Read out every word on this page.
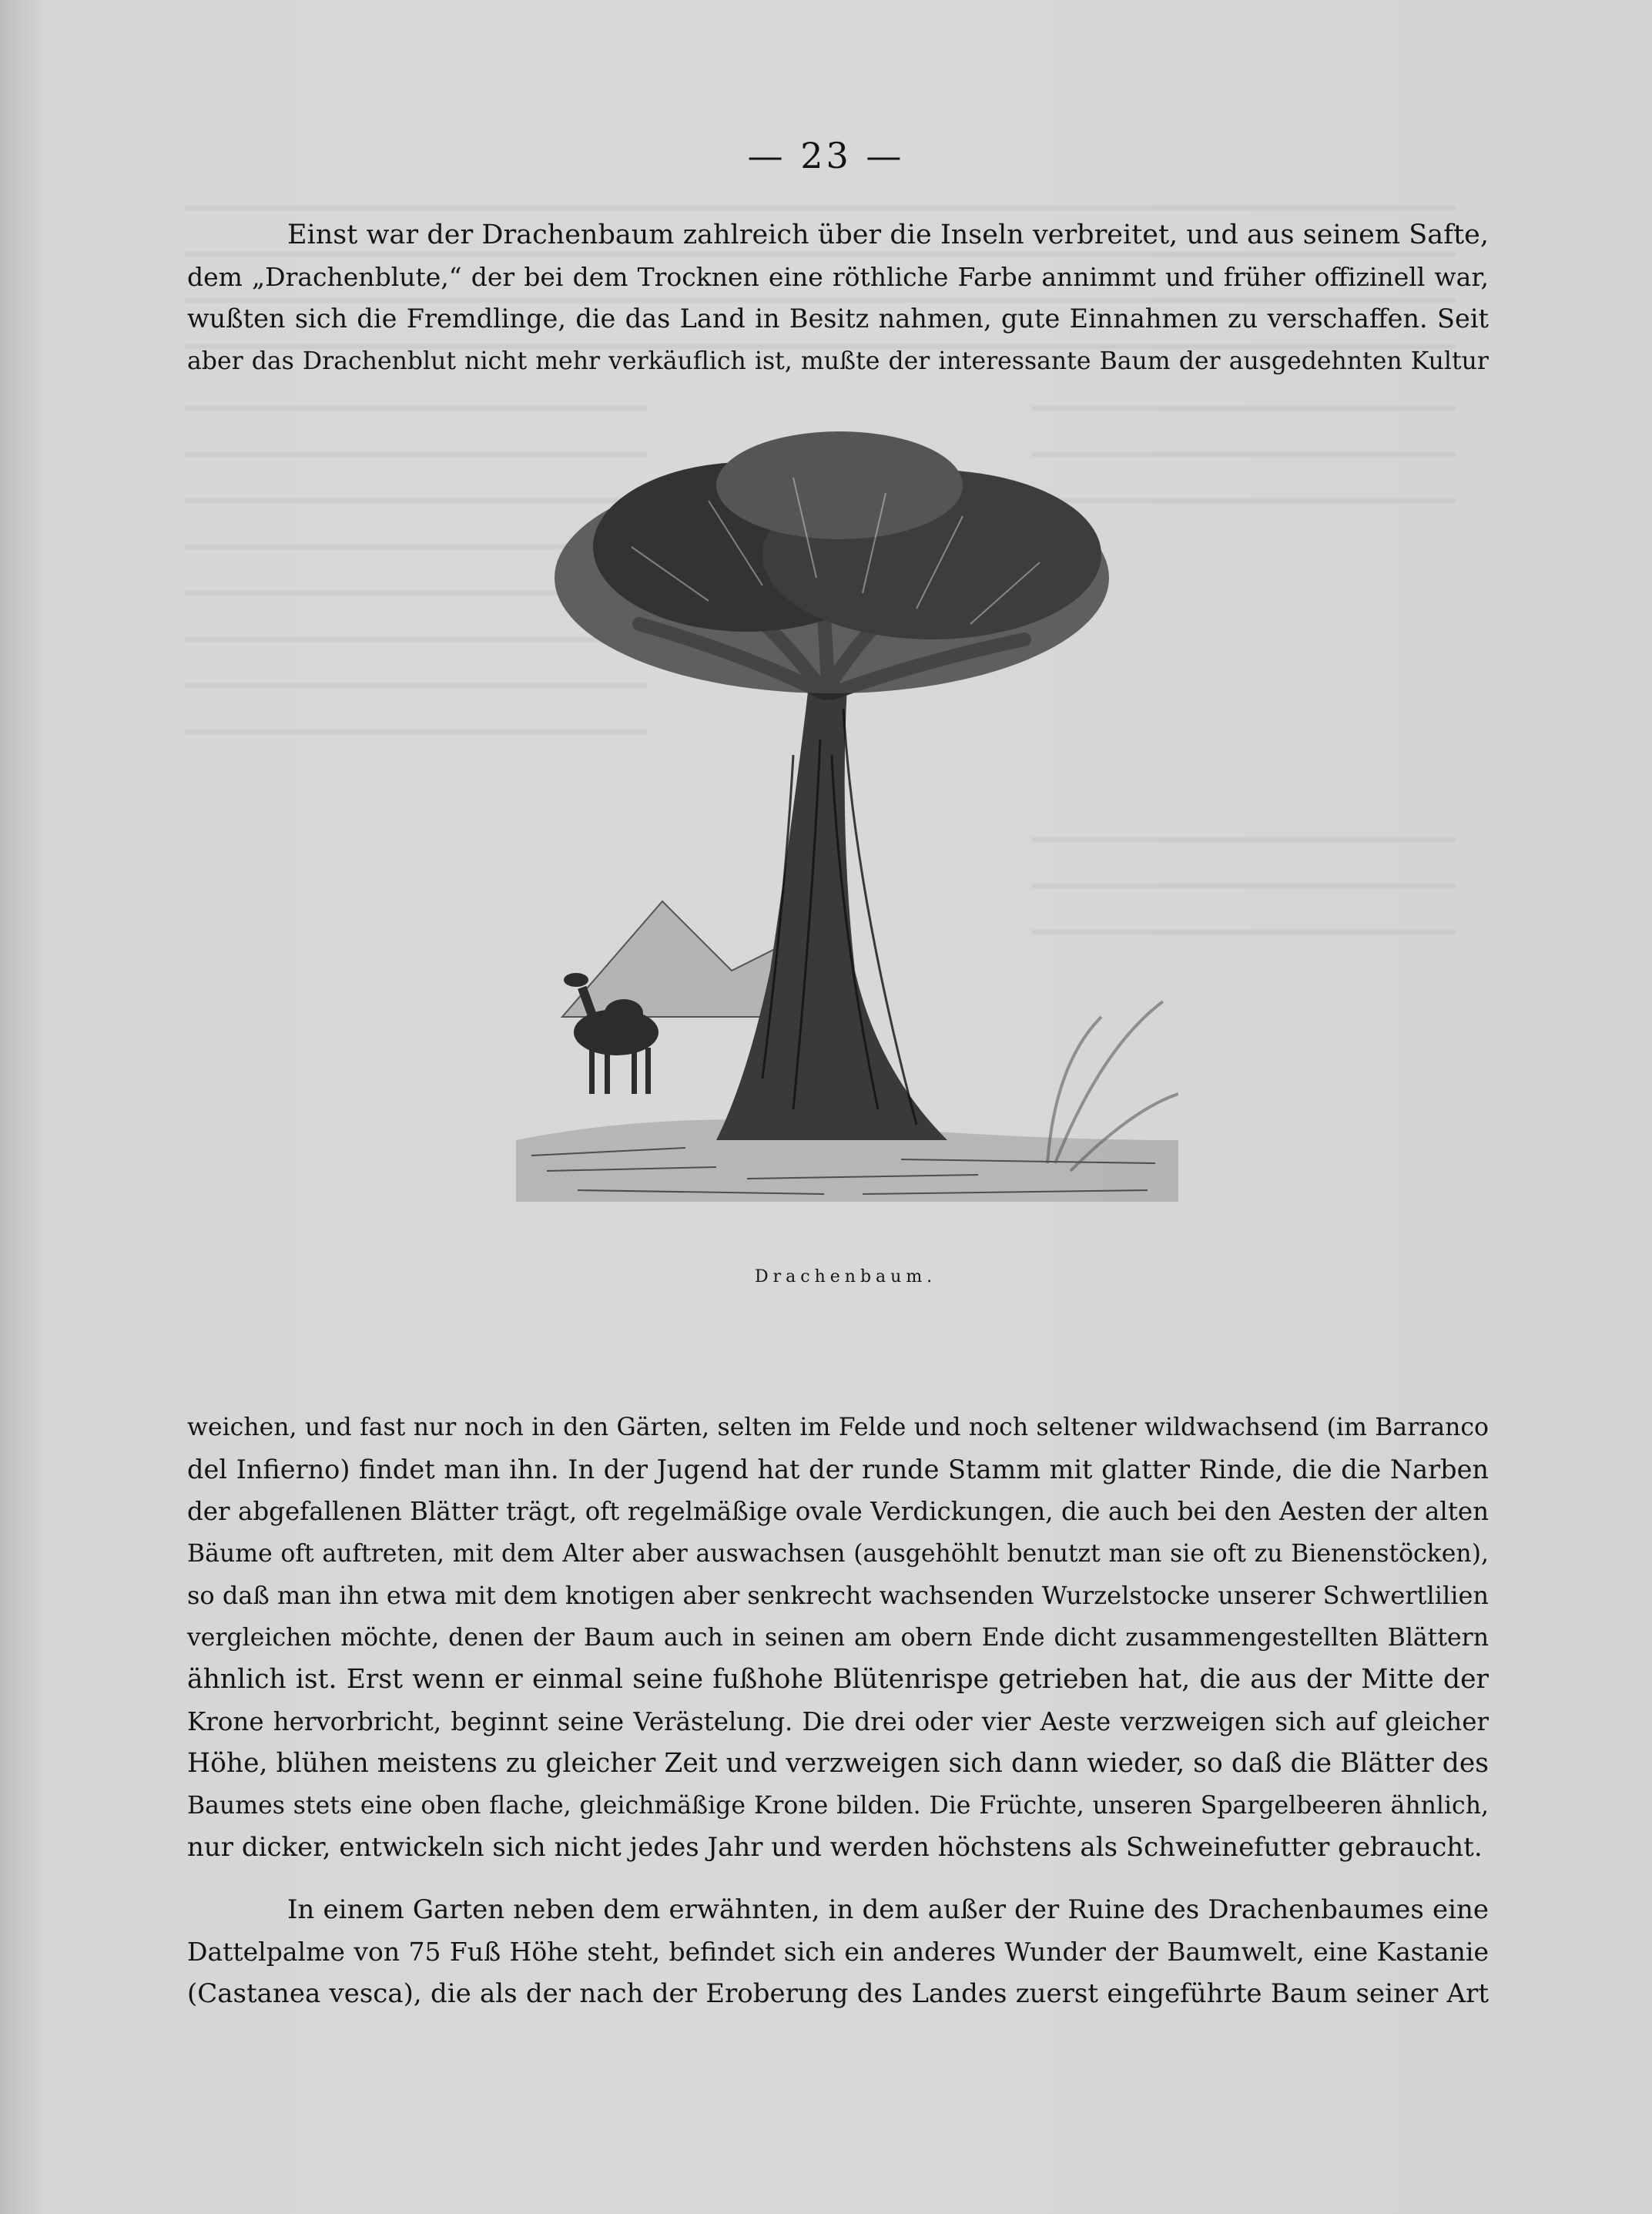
— 23 —
Einst war der Drachenbaum zahlreich über die Inseln verbreitet, und aus seinem Safte,
dem „Drachenblute,“ der bei dem Trocknen eine röthliche Farbe annimmt und früher offizinell war,
wußten sich die Fremdlinge, die das Land in Besitz nahmen, gute Einnahmen zu verschaffen. Seit
aber das Drachenblut nicht mehr verkäuflich ist, mußte der interessante Baum der ausgedehnten Kultur
Drachenbaum.
weichen, und fast nur noch in den Gärten, selten im Felde und noch seltener wildwachsend (im Barranco
del Infierno) findet man ihn. In der Jugend hat der runde Stamm mit glatter Rinde, die die Narben
der abgefallenen Blätter trägt, oft regelmäßige ovale Verdickungen, die auch bei den Aesten der alten
Bäume oft auftreten, mit dem Alter aber auswachsen (ausgehöhlt benutzt man sie oft zu Bienenstöcken),
so daß man ihn etwa mit dem knotigen aber senkrecht wachsenden Wurzelstocke unserer Schwertlilien
vergleichen möchte, denen der Baum auch in seinen am obern Ende dicht zusammengestellten Blättern
ähnlich ist. Erst wenn er einmal seine fußhohe Blütenrispe getrieben hat, die aus der Mitte der
Krone hervorbricht, beginnt seine Verästelung. Die drei oder vier Aeste verzweigen sich auf gleicher
Höhe, blühen meistens zu gleicher Zeit und verzweigen sich dann wieder, so daß die Blätter des
Baumes stets eine oben flache, gleichmäßige Krone bilden. Die Früchte, unseren Spargelbeeren ähnlich,
nur dicker, entwickeln sich nicht jedes Jahr und werden höchstens als Schweinefutter gebraucht.
In einem Garten neben dem erwähnten, in dem außer der Ruine des Drachenbaumes eine
Dattelpalme von 75 Fuß Höhe steht, befindet sich ein anderes Wunder der Baumwelt, eine Kastanie
(Castanea vesca), die als der nach der Eroberung des Landes zuerst eingeführte Baum seiner Art
